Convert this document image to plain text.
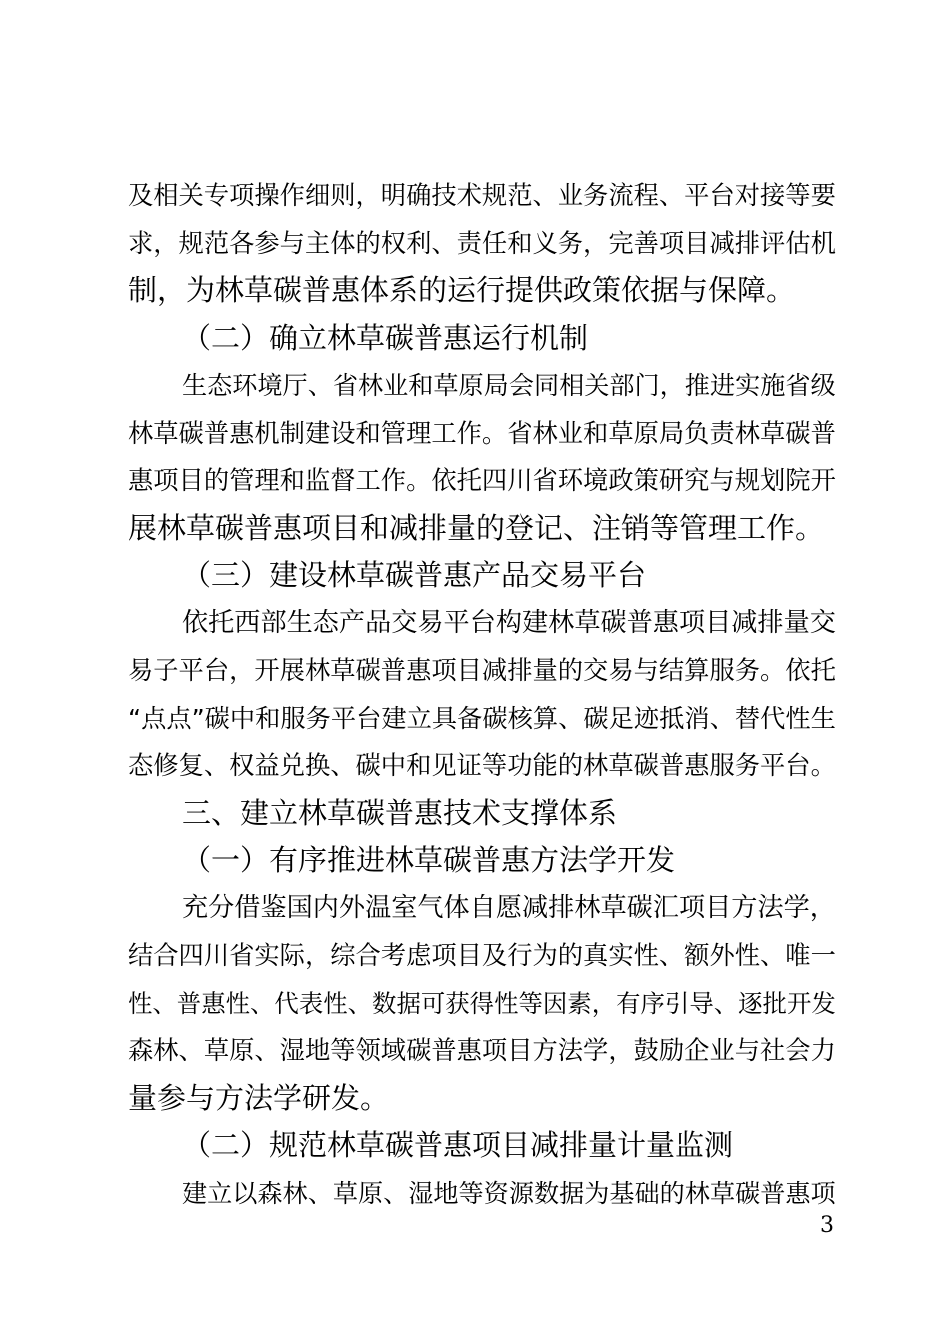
及相关专项操作细则，明确技术规范、业务流程、平台对接等要
求，规范各参与主体的权利、责任和义务，完善项目减排评估机
制，为林草碳普惠体系的运行提供政策依据与保障。
（二）确立林草碳普惠运行机制
生态环境厅、省林业和草原局会同相关部门，推进实施省级
林草碳普惠机制建设和管理工作。省林业和草原局负责林草碳普
惠项目的管理和监督工作。依托四川省环境政策研究与规划院开
展林草碳普惠项目和减排量的登记、注销等管理工作。
（三）建设林草碳普惠产品交易平台
依托西部生态产品交易平台构建林草碳普惠项目减排量交
易子平台，开展林草碳普惠项目减排量的交易与结算服务。依托
“点点”碳中和服务平台建立具备碳核算、碳足迹抵消、替代性生
态修复、权益兑换、碳中和见证等功能的林草碳普惠服务平台。
三、建立林草碳普惠技术支撑体系
（一）有序推进林草碳普惠方法学开发
充分借鉴国内外温室气体自愿减排林草碳汇项目方法学，
结合四川省实际，综合考虑项目及行为的真实性、额外性、唯一
性、普惠性、代表性、数据可获得性等因素，有序引导、逐批开发
森林、草原、湿地等领域碳普惠项目方法学，鼓励企业与社会力
量参与方法学研发。
（二）规范林草碳普惠项目减排量计量监测
建立以森林、草原、湿地等资源数据为基础的林草碳普惠项
3
